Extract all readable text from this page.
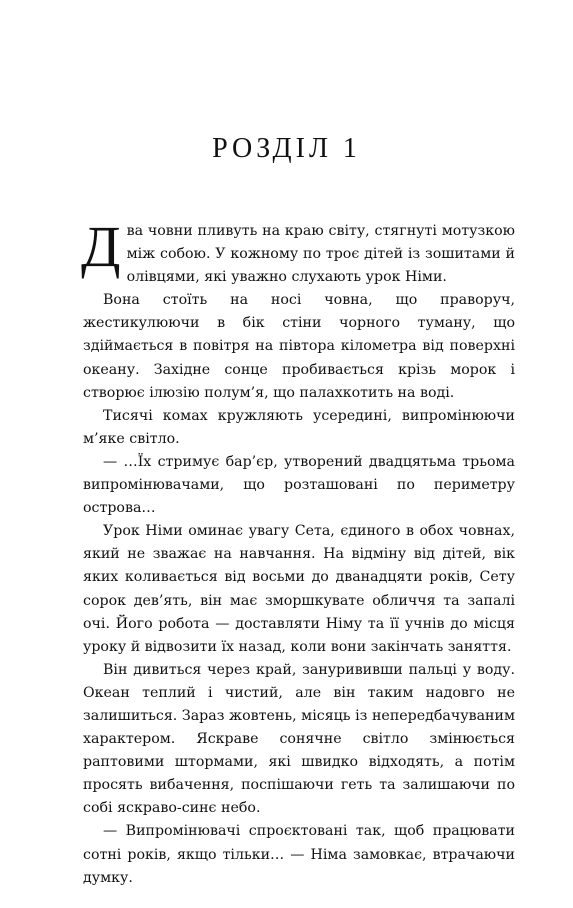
РОЗДІЛ 1

Два човни пливуть на краю світу, стягнуті мотузкою між собою. У кожному по троє дітей із зошитами й олівцями, які уважно слухають урок Німи.

Вона стоїть на носі човна, що праворуч, жестикулюючи в бік стіни чорного туману, що здіймається в повітря на півтора кілометра від поверхні океану. Західне сонце пробивається крізь морок і створює ілюзію полум’я, що палахкотить на воді.

Тисячі комах кружляють усередині, випромінюючи м’яке світло.

— …Їх стримує бар’єр, утворений двадцятьма трьома випромінювачами, що розташовані по периметру острова…

Урок Німи оминає увагу Сета, єдиного в обох човнах, який не зважає на навчання. На відміну від дітей, вік яких коливається від восьми до дванадцяти років, Сету сорок дев’ять, він має зморшкувате обличчя та запалі очі. Його робота — доставляти Німу та її учнів до місця уроку й відвозити їх назад, коли вони закінчать заняття.

Він дивиться через край, занурививши пальці у воду. Океан теплий і чистий, але він таким надовго не залишиться. Зараз жовтень, місяць із непередбачуваним характером. Яскраве сонячне світло змінюється раптовими штормами, які швидко відходять, а потім просять вибачення, поспішаючи геть та залишаючи по собі яскраво-синє небо.

— Випромінювачі спроєктовані так, щоб працювати сотні років, якщо тільки… — Німа замовкає, втрачаючи думку.
